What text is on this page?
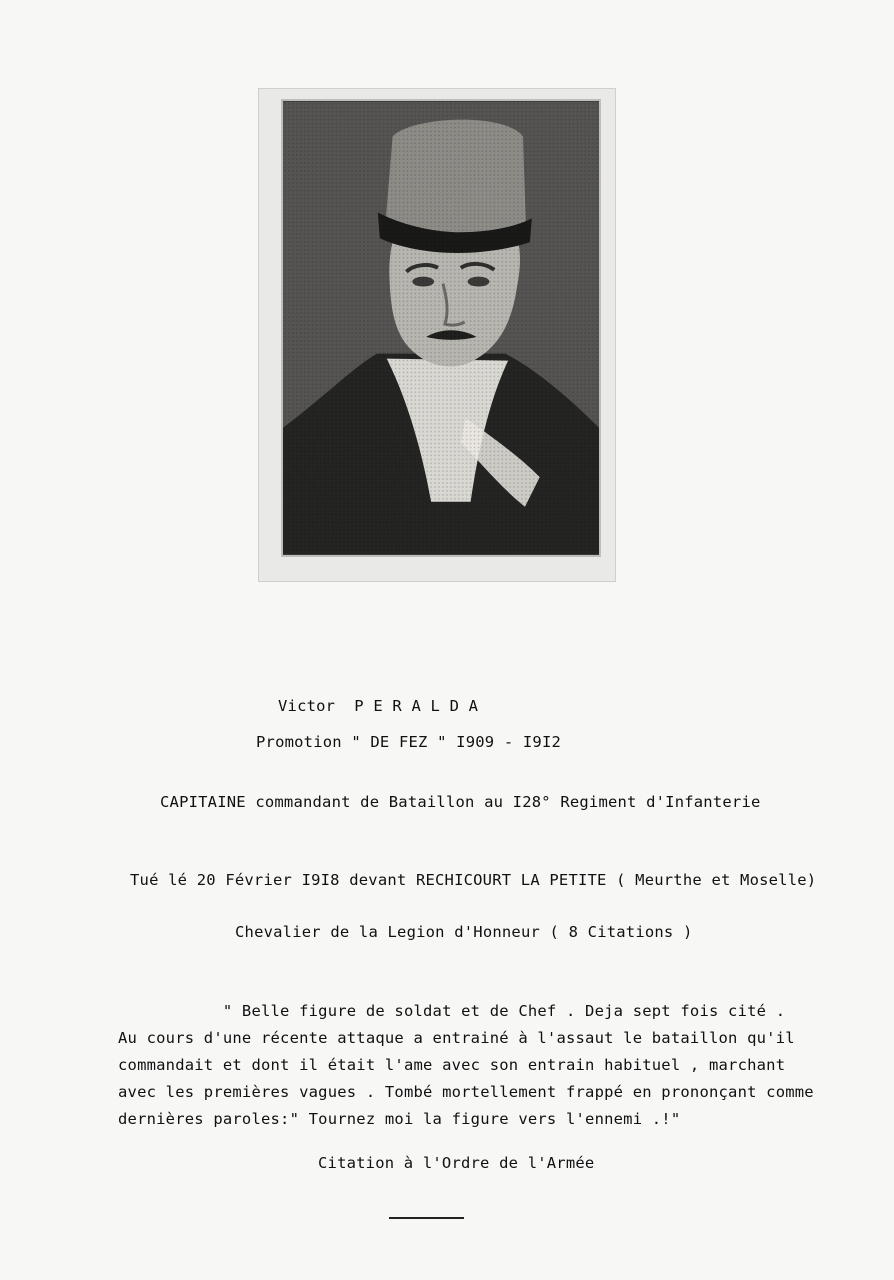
Victor  P E R A L D A
Promotion " DE FEZ " I909 - I9I2
CAPITAINE commandant de Bataillon au I28° Regiment d'Infanterie
Tué lé 20 Février I9I8 devant RECHICOURT LA PETITE ( Meurthe et Moselle)
Chevalier de la Legion d'Honneur ( 8 Citations )
" Belle figure de soldat et de Chef . Deja sept fois cité .
Au cours d'une récente attaque a entrainé à l'assaut le bataillon qu'il
commandait et dont il était l'ame avec son entrain habituel , marchant
avec les premières vagues . Tombé mortellement frappé en prononçant comme
dernières paroles:" Tournez moi la figure vers l'ennemi .!"
Citation à l'Ordre de l'Armée
